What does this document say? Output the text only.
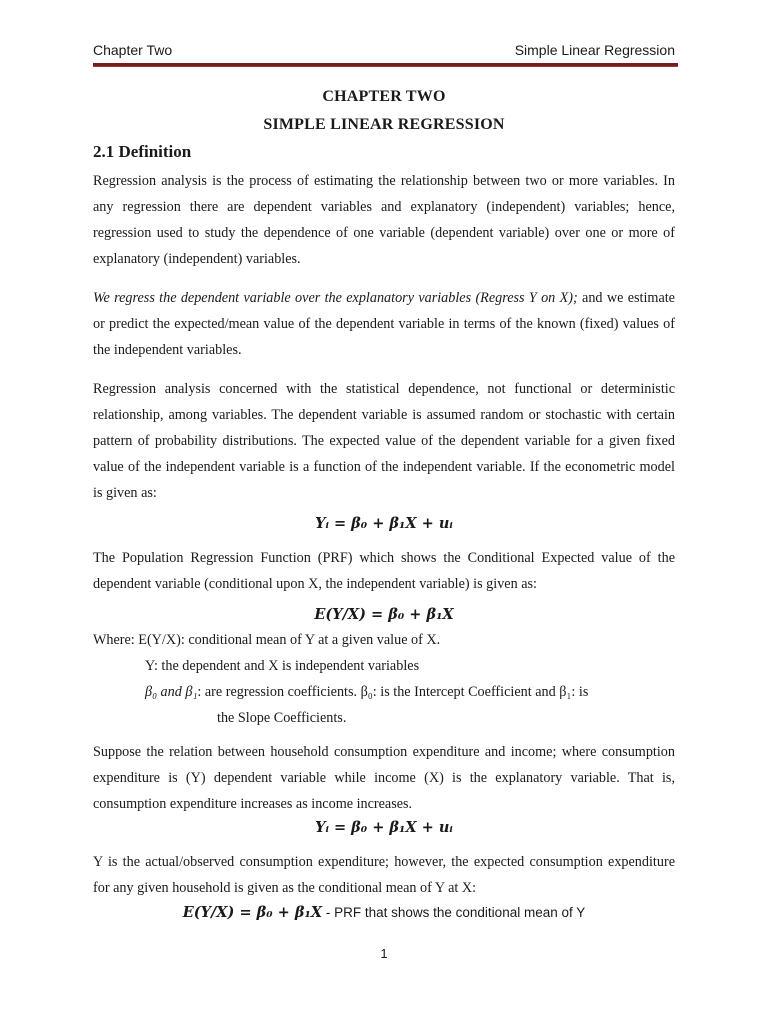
Chapter Two	Simple Linear Regression
CHAPTER TWO
SIMPLE LINEAR REGRESSION
2.1 Definition

Regression analysis is the process of estimating the relationship between two or more variables. In any regression there are dependent variables and explanatory (independent) variables; hence, regression used to study the dependence of one variable (dependent variable) over one or more of explanatory (independent) variables.

We regress the dependent variable over the explanatory variables (Regress Y on X); and we estimate or predict the expected/mean value of the dependent variable in terms of the known (fixed) values of the independent variables.

Regression analysis concerned with the statistical dependence, not functional or deterministic relationship, among variables. The dependent variable is assumed random or stochastic with certain pattern of probability distributions. The expected value of the dependent variable for a given fixed value of the independent variable is a function of the independent variable. If the econometric model is given as:

Yᵢ = β₀ + β₁X + uᵢ

The Population Regression Function (PRF) which shows the Conditional Expected value of the dependent variable (conditional upon X, the independent variable) is given as:

E(Y/X) = β₀ + β₁X
Where: E(Y/X): conditional mean of Y at a given value of X.
Y: the dependent and X is independent variables
β₀ and β₁: are regression coefficients. β₀: is the Intercept Coefficient and β₁: is
the Slope Coefficients.

Suppose the relation between household consumption expenditure and income; where consumption expenditure is (Y) dependent variable while income (X) is the explanatory variable. That is, consumption expenditure increases as income increases.

Yᵢ = β₀ + β₁X + uᵢ

Y is the actual/observed consumption expenditure; however, the expected consumption expenditure for any given household is given as the conditional mean of Y at X:

E(Y/X) = β₀ + β₁X - PRF that shows the conditional mean of Y
1
